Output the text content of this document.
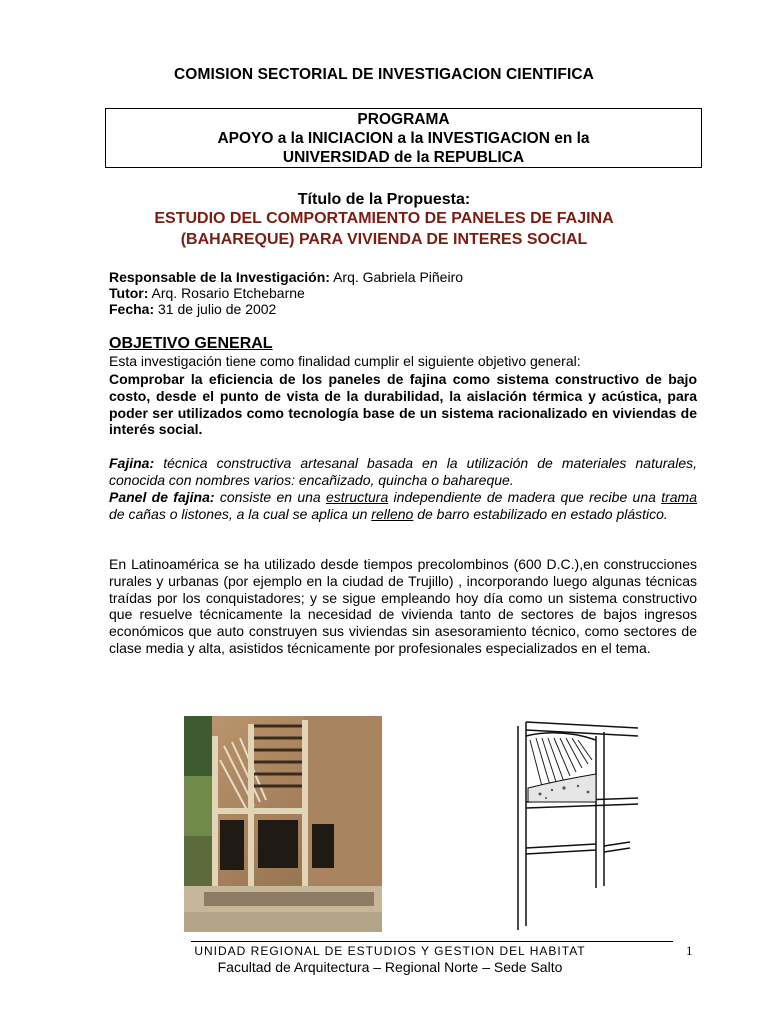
COMISION SECTORIAL DE INVESTIGACION CIENTIFICA
PROGRAMA
APOYO a la INICIACION a la INVESTIGACION en la
UNIVERSIDAD de la REPUBLICA
Título de la Propuesta:
ESTUDIO DEL COMPORTAMIENTO DE PANELES DE FAJINA
(BAHAREQUE) PARA VIVIENDA DE INTERES SOCIAL
Responsable de la Investigación: Arq. Gabriela Piñeiro
Tutor: Arq. Rosario Etchebarne
Fecha: 31 de julio de 2002
OBJETIVO GENERAL
Esta investigación tiene como finalidad cumplir el siguiente objetivo general:
Comprobar la eficiencia de los paneles de fajina como sistema constructivo de bajo costo, desde el punto de vista de la durabilidad, la aislación térmica y acústica, para poder ser utilizados como tecnología base de un sistema racionalizado en viviendas de interés social.
Fajina: técnica constructiva artesanal basada en la utilización de materiales naturales, conocida con nombres varios: encañizado, quincha o bahareque.
Panel de fajina: consiste en una estructura independiente de madera que recibe una trama de cañas o listones, a la cual se aplica un relleno de barro estabilizado en estado plástico.
En Latinoamérica se ha utilizado desde tiempos precolombinos (600 D.C.),en construcciones rurales y urbanas (por ejemplo en la ciudad de Trujillo) , incorporando luego algunas técnicas traídas por los conquistadores; y se sigue empleando hoy día como un sistema constructivo que resuelve técnicamente la necesidad de vivienda tanto de sectores de bajos ingresos económicos que auto construyen sus viviendas sin asesoramiento técnico, como sectores de clase media y alta, asistidos técnicamente por profesionales especializados en el tema.
UNIDAD REGIONAL DE ESTUDIOS Y GESTION DEL HABITAT
Facultad de Arquitectura – Regional Norte – Sede Salto
1
